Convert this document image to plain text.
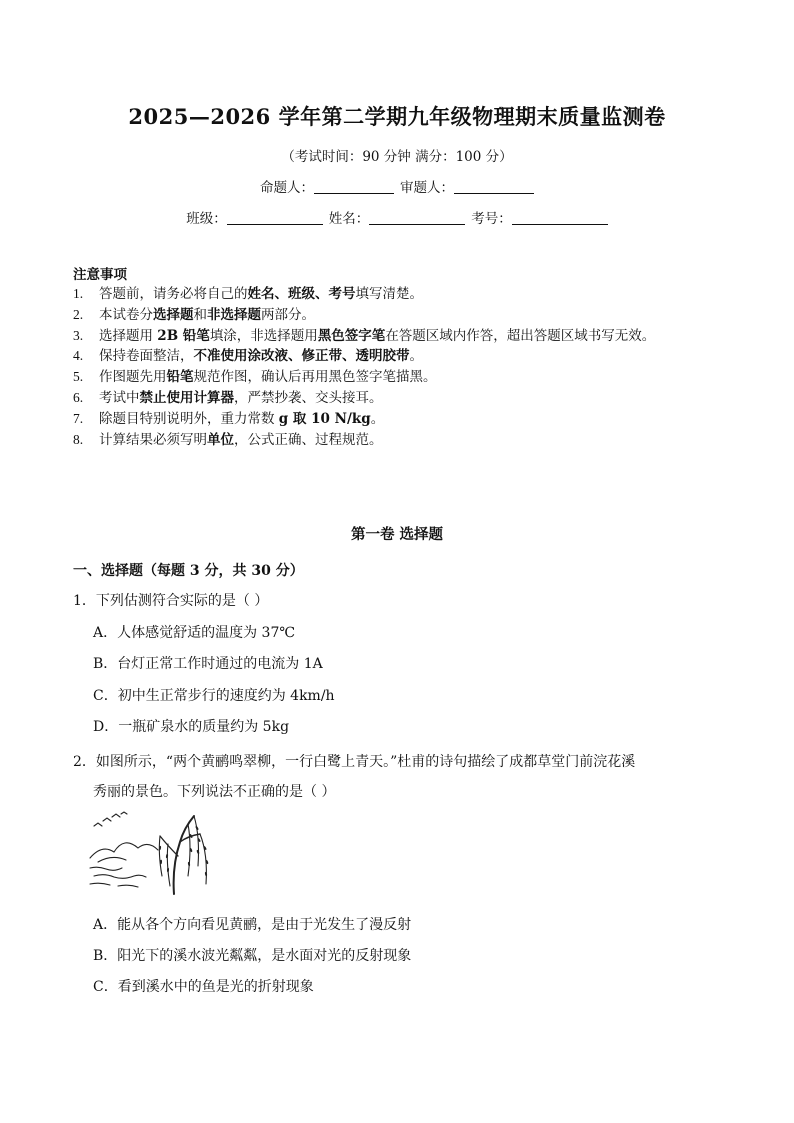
2025—2026 学年第二学期九年级物理期末质量监测卷
（考试时间：90 分钟 满分：100 分）
命题人：	审题人：
班级：	姓名：	考号：
注意事项
1.	答题前，请务必将自己的姓名、班级、考号填写清楚。
2.	本试卷分选择题和非选择题两部分。
3.	选择题用 2B 铅笔填涂，非选择题用黑色签字笔在答题区域内作答，超出答题区域书写无效。
4.	保持卷面整洁，不准使用涂改液、修正带、透明胶带。
5.	作图题先用铅笔规范作图，确认后再用黑色签字笔描黑。
6.	考试中禁止使用计算器，严禁抄袭、交头接耳。
7.	除题目特别说明外，重力常数 g 取 10 N/kg。
8.	计算结果必须写明单位，公式正确、过程规范。
第一卷 选择题
一、选择题（每题 3 分，共 30 分）
1．下列估测符合实际的是（ ）
A．人体感觉舒适的温度为 37℃
B．台灯正常工作时通过的电流为 1A
C．初中生正常步行的速度约为 4km/h
D．一瓶矿泉水的质量约为 5kg
2．如图所示，“两个黄鹂鸣翠柳，一行白鹭上青天。”杜甫的诗句描绘了成都草堂门前浣花溪
秀丽的景色。下列说法不正确的是（ ）
A．能从各个方向看见黄鹂，是由于光发生了漫反射
B．阳光下的溪水波光粼粼，是水面对光的反射现象
C．看到溪水中的鱼是光的折射现象
